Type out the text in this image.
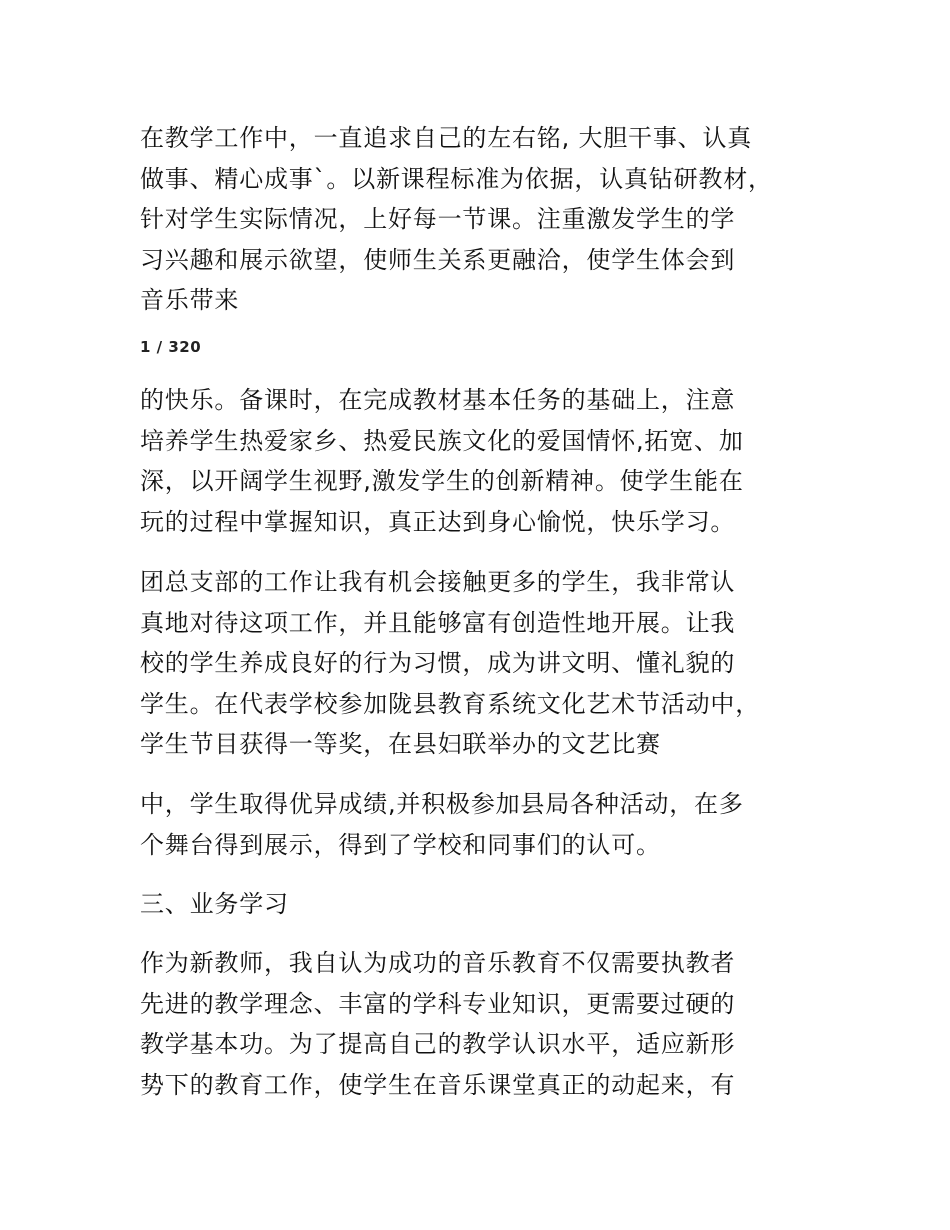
在教学工作中，一直追求自己的左右铭, 大胆干事、认真
做事、精心成事`。以新课程标准为依据，认真钻研教材，
针对学生实际情况，上好每一节课。注重激发学生的学
习兴趣和展示欲望，使师生关系更融洽，使学生体会到
音乐带来
1 / 320
的快乐。备课时，在完成教材基本任务的基础上，注意
培养学生热爱家乡、热爱民族文化的爱国情怀,拓宽、加
深，以开阔学生视野,激发学生的创新精神。使学生能在
玩的过程中掌握知识，真正达到身心愉悦，快乐学习。
团总支部的工作让我有机会接触更多的学生，我非常认
真地对待这项工作，并且能够富有创造性地开展。让我
校的学生养成良好的行为习惯，成为讲文明、懂礼貌的
学生。在代表学校参加陇县教育系统文化艺术节活动中，
学生节目获得一等奖，在县妇联举办的文艺比赛
中，学生取得优异成绩,并积极参加县局各种活动，在多
个舞台得到展示，得到了学校和同事们的认可。
三、业务学习
作为新教师，我自认为成功的音乐教育不仅需要执教者
先进的教学理念、丰富的学科专业知识，更需要过硬的
教学基本功。为了提高自己的教学认识水平，适应新形
势下的教育工作，使学生在音乐课堂真正的动起来，有
